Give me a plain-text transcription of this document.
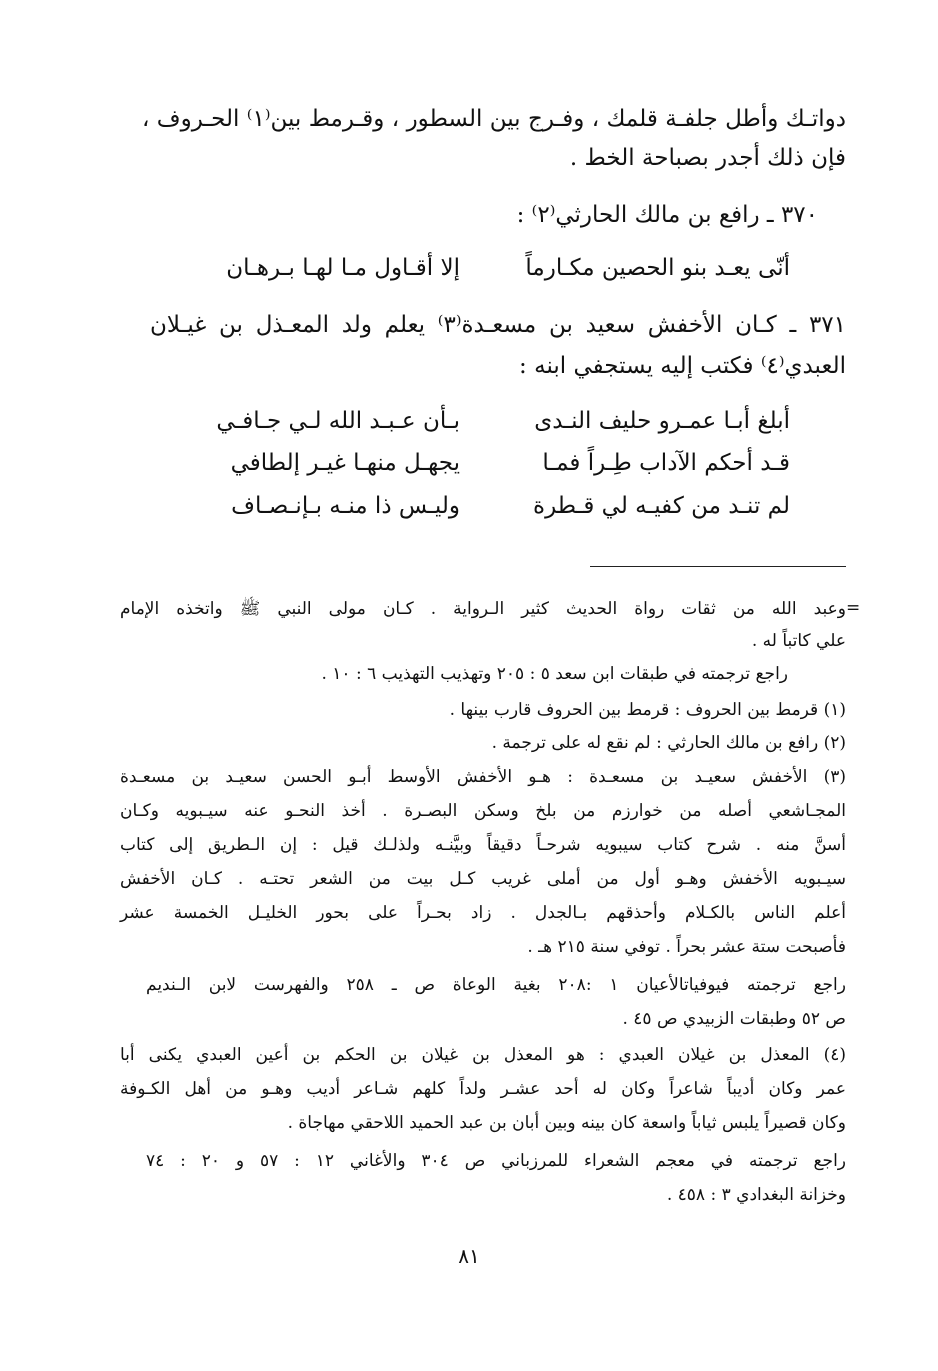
دواتـك وأطل جلفـة قلمك ، وفـرج بين السطور ، وقـرمط بين⁽١⁾ الحـروف ،
فإن ذلك أجدر بصباحة الخط .
٣٧٠ ـ رافع بن مالك الحارثي⁽٢⁾ :
أنّى يعـد بنو الحصين مكـارماً
إلا أقـاول مـا لهـا بـرهـان
٣٧١ ـ كـان الأخفش سعيد بن مسعـدة⁽٣⁾ يعلم ولد المعـذل بن غيـلان
العبدي⁽٤⁾ فكتب إليه يستجفي ابنه :
أبلغ أبـا عمـرو حليف النـدى
بـأن عـبـد الله لـي جـافـي
قـد أحكم الآداب طِـراً فمـا
يجهـل منهـا غيـر إلطافي
لم تنـد من كفيـه لي قـطرة
وليـس ذا منـه بـإنـصـاف
=
وعبد الله من ثقات رواة الحديث كثير الـرواية . كـان مولى النبي ﷺ واتخذه الإمام
علي كاتباً له .
راجع ترجمته في طبقات ابن سعد ٥ : ٢٠٥ وتهذيب التهذيب ٦ : ١٠ .
(١) قرمط بين الحروف : قرمط بين الحروف قارب بينها .
(٢) رافع بن مالك الحارثي : لم نقع له على ترجمة .
(٣) الأخفش سعيـد بن مسعـدة : هـو الأخفش الأوسط أبـو الحسن سعيـد بن مسعـدة
المجـاشعي أصله من خوارزم من بلخ وسكن البصـرة . أخذ النحـو عنه سيـبويه وكـان
أسنَّ منه . شرح كتاب سيبويه شرحـاً دقيقاً وبيَّنـه ولذلـك قيل : إن الـطريق إلى كتاب
سيـبويه الأخفش وهـو أول من أملى غريب كـل بيت من الشعر تحتـه . كـان الأخفش
أعلم الناس بالكـلام وأحذقهم بـالجدل . زاد بحـراً على بحور الخليـل الخمسة عشر
فأصبحت ستة عشر بحراً . توفي سنة ٢١٥ هـ .
راجع ترجمته فيوفياتالأعيان ١ :٢٠٨ بغية الوعاة ص ـ ٢٥٨ والفهرست لابن الـنديم
ص ٥٢ وطبقات الزبيدي ص ٤٥ .
(٤) المعذل بن غيلان العبدي : هو المعذل بن غيلان بن الحكم بن أعين العبدي يكنى أبا
عمر وكان أديباً شاعراً وكان له أحد عشـر ولداً كلهم شـاعر أديب وهـو من أهل الكـوفة
وكان قصيراً يلبس ثياباً واسعة كان بينه وبين أبان بن عبد الحميد اللاحقي مهاجاة .
راجع ترجمته في معجم الشعراء للمرزباني ص ٣٠٤ والأغاني ١٢ : ٥٧ و ٢٠ : ٧٤
وخزانة البغدادي ٣ : ٤٥٨ .
٨١
